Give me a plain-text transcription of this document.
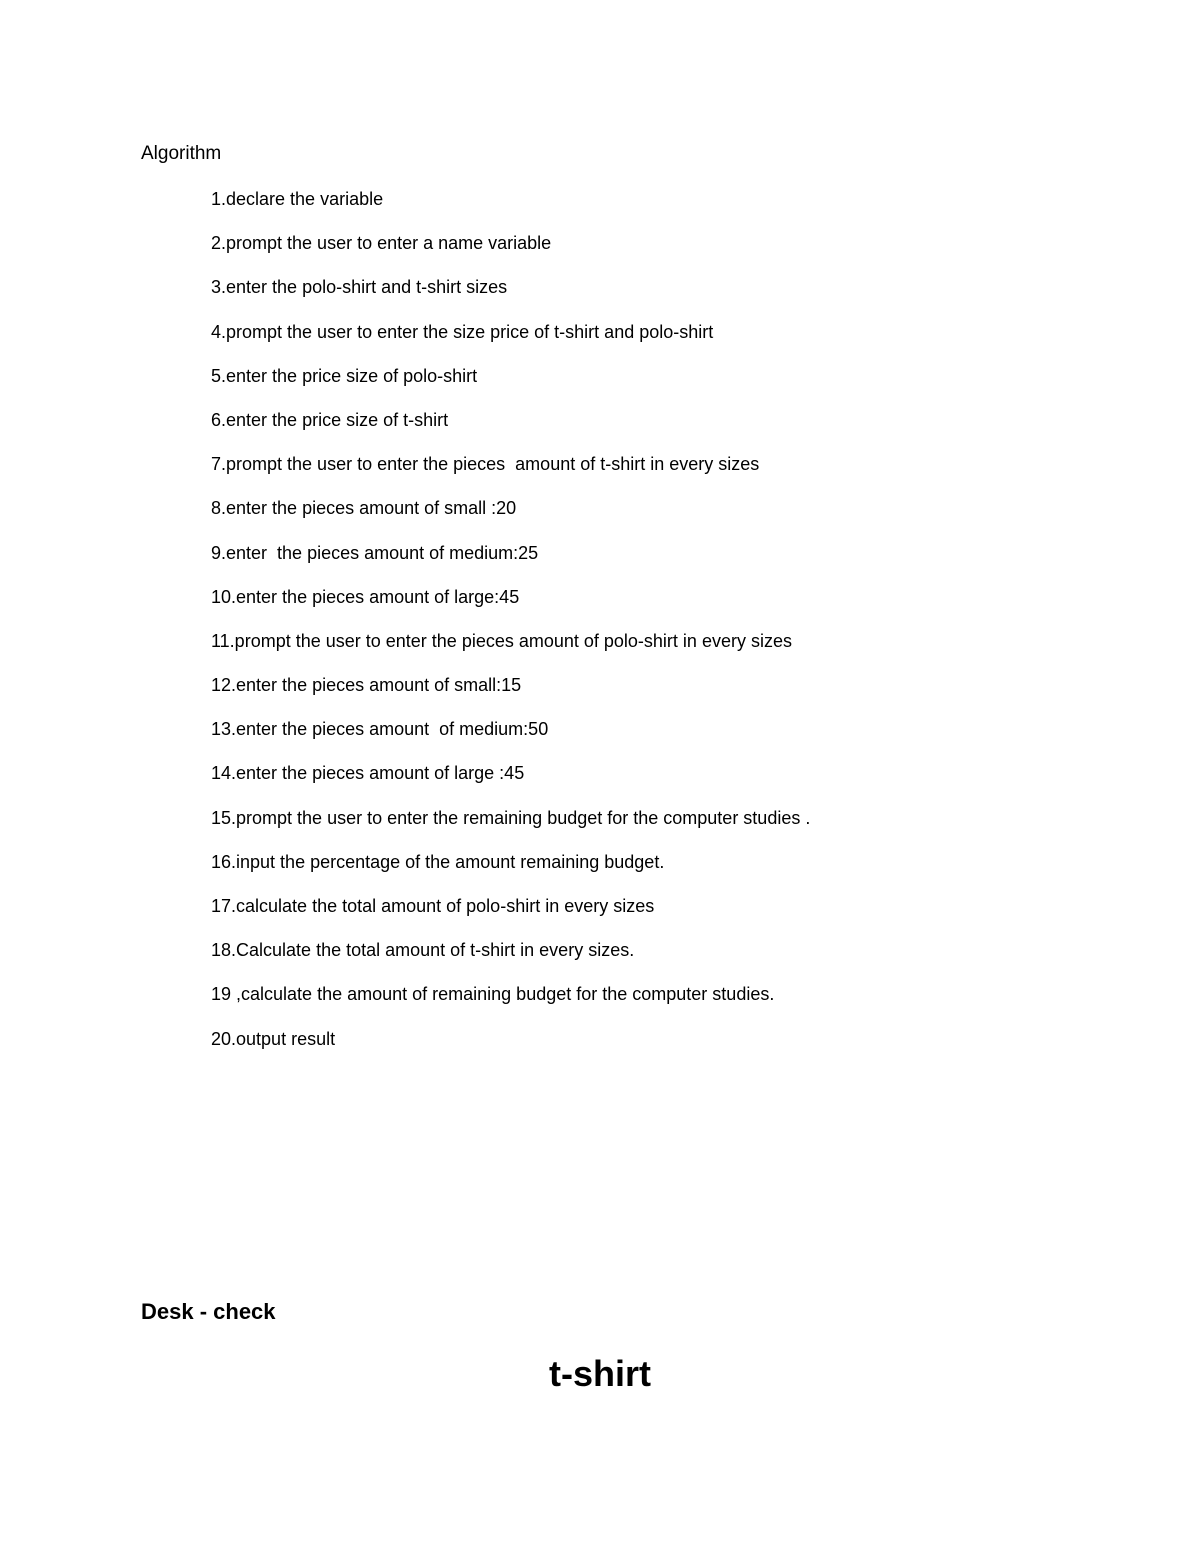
Algorithm
1.declare the variable
2.prompt the user to enter a name variable
3.enter the polo-shirt and t-shirt sizes
4.prompt the user to enter the size price of t-shirt and polo-shirt
5.enter the price size of polo-shirt
6.enter the price size of t-shirt
7.prompt the user to enter the pieces  amount of t-shirt in every sizes
8.enter the pieces amount of small :20
9.enter  the pieces amount of medium:25
10.enter the pieces amount of large:45
11.prompt the user to enter the pieces amount of polo-shirt in every sizes
12.enter the pieces amount of small:15
13.enter the pieces amount  of medium:50
14.enter the pieces amount of large :45
15.prompt the user to enter the remaining budget for the computer studies .
16.input the percentage of the amount remaining budget.
17.calculate the total amount of polo-shirt in every sizes
18.Calculate the total amount of t-shirt in every sizes.
19 ,calculate the amount of remaining budget for the computer studies.
20.output result
Desk - check
t-shirt
